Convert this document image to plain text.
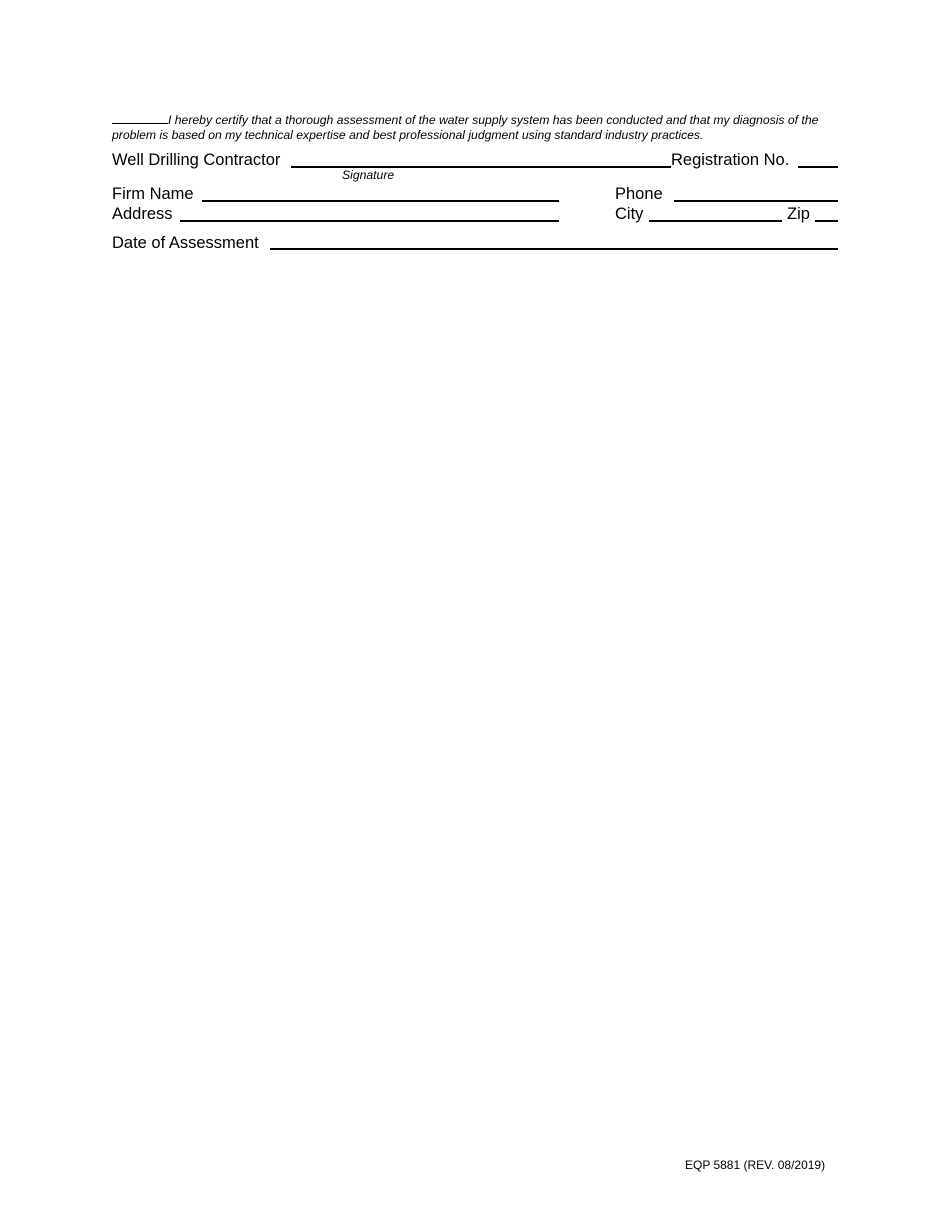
I hereby certify that a thorough assessment of the water supply system has been conducted and that my diagnosis of the
problem is based on my technical expertise and best professional judgment using standard industry practices.
Well Drilling Contractor	Registration No.
Signature
Firm Name	Phone
Address	City	Zip
Date of Assessment
EQP 5881 (REV. 08/2019)
